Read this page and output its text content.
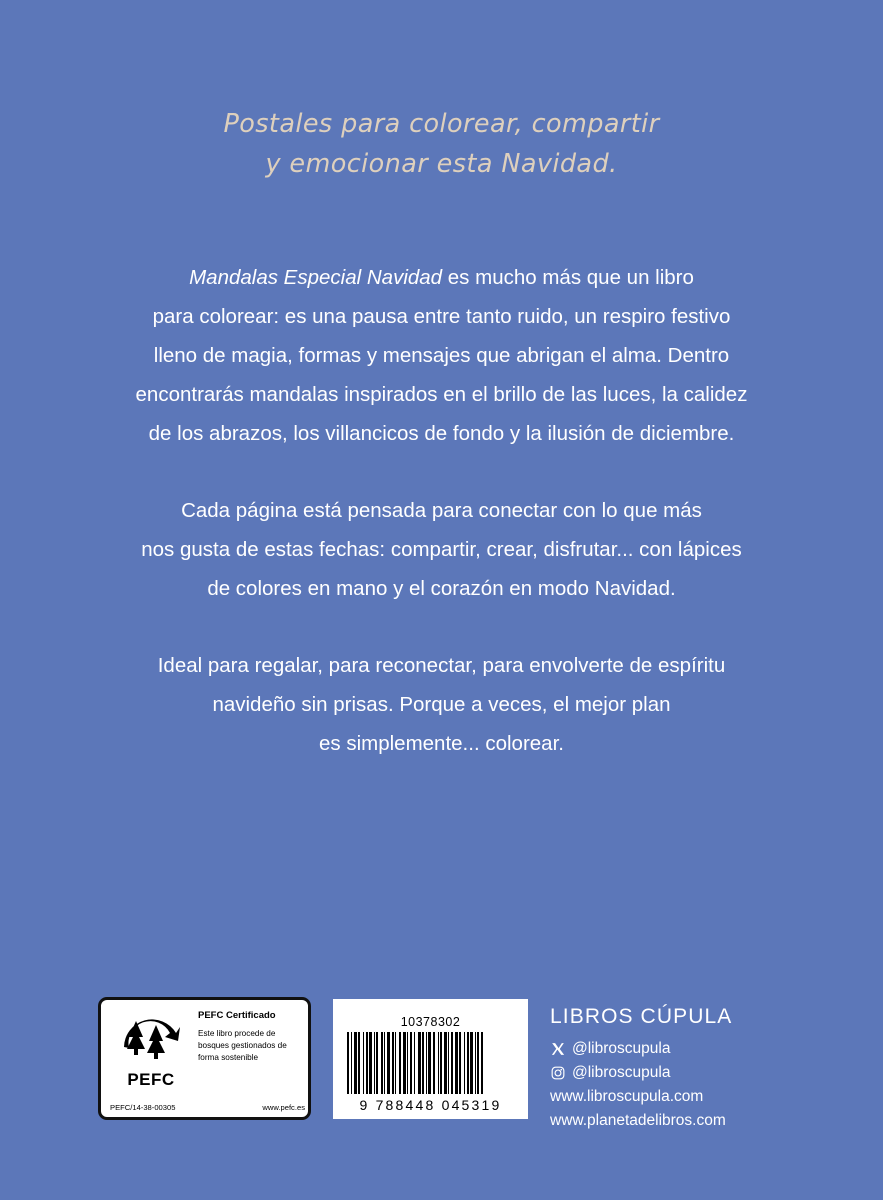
Postales para colorear, compartir
y emocionar esta Navidad.

Mandalas Especial Navidad es mucho más que un libro
para colorear: es una pausa entre tanto ruido, un respiro festivo
lleno de magia, formas y mensajes que abrigan el alma. Dentro
encontrarás mandalas inspirados en el brillo de las luces, la calidez
de los abrazos, los villancicos de fondo y la ilusión de diciembre.

Cada página está pensada para conectar con lo que más
nos gusta de estas fechas: compartir, crear, disfrutar... con lápices
de colores en mano y el corazón en modo Navidad.

Ideal para regalar, para reconectar, para envolverte de espíritu
navideño sin prisas. Porque a veces, el mejor plan
es simplemente... colorear.

PEFC
PEFC Certificado
Este libro procede de bosques gestionados de forma sostenible
PEFC/14-38-00305	www.pefc.es
10378302
9 788448 045319
LIBROS CÚPULA
@libroscupula
@libroscupula
www.libroscupula.com
www.planetadelibros.com
